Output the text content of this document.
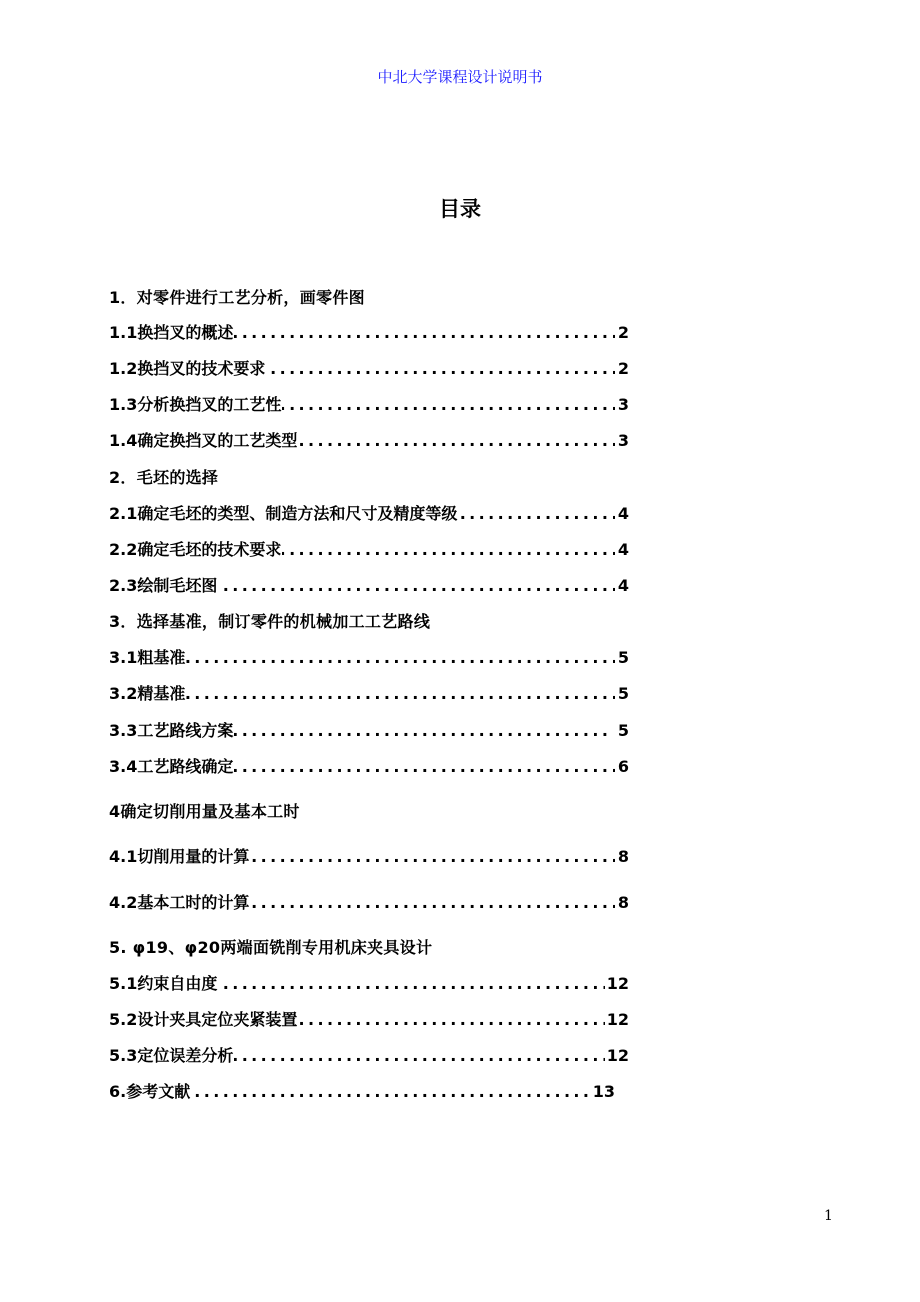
中北大学课程设计说明书
目录
1．对零件进行工艺分析，画零件图
.....
1.1换挡叉的概述	2
.....
1.2换挡叉的技术要求	2
.....
1.3分析换挡叉的工艺性	3
.....
1.4确定换挡叉的工艺类型	3
2．毛坯的选择
.....
2.1确定毛坯的类型、制造方法和尺寸及精度等级	4
.....
2.2确定毛坯的技术要求	4
.....
2.3绘制毛坯图	4
3．选择基准，制订零件的机械加工工艺路线
.....
3.1粗基准	5
.....
3.2精基准	5
.....
3.3工艺路线方案	5
.....
3.4工艺路线确定	6
4确定切削用量及基本工时
.....
4.1切削用量的计算	8
.....
4.2基本工时的计算	8
5. φ19、φ20两端面铣削专用机床夹具设计
.....
5.1约束自由度	12
.....
5.2设计夹具定位夹紧装置	12
.....
5.3定位误差分析	12
.....
6.参考文献	13
1
